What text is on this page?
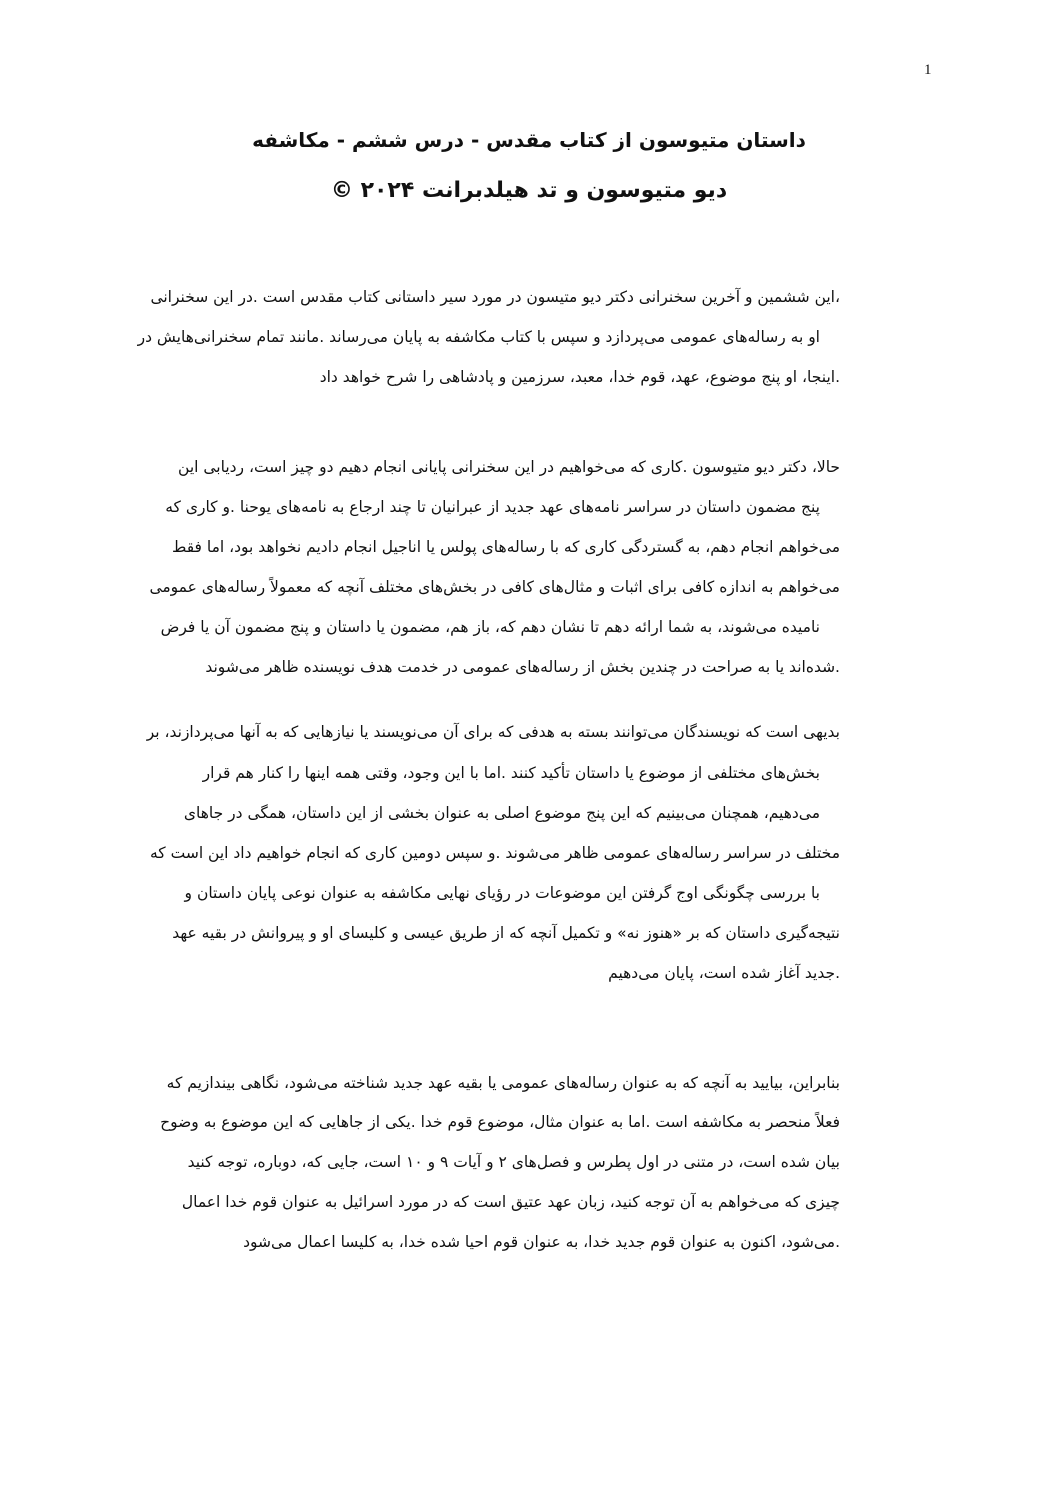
1
داستان متیوسون از کتاب مقدس - درس ششم - مکاشفه
دیو متیوسون و تد هیلدبرانت ۲۰۲۴ ©
،این ششمین و آخرین سخنرانی دکتر دیو متیسون در مورد سیر داستانی کتاب مقدس است .در این سخنرانی
او به رساله‌های عمومی می‌پردازد و سپس با کتاب مکاشفه به پایان می‌رساند .مانند تمام سخنرانی‌هایش در
.اینجا، او پنج موضوع، عهد، قوم خدا، معبد، سرزمین و پادشاهی را شرح خواهد داد
حالا، دکتر دیو متیوسون .کاری که می‌خواهیم در این سخنرانی پایانی انجام دهیم دو چیز است، ردیابی این
پنج مضمون داستان در سراسر نامه‌های عهد جدید از عبرانیان تا چند ارجاع به نامه‌های یوحنا .و کاری که
می‌خواهم انجام دهم، به گستردگی کاری که با رساله‌های پولس یا اناجیل انجام دادیم نخواهد بود، اما فقط
می‌خواهم به اندازه کافی برای اثبات و مثال‌های کافی در بخش‌های مختلف آنچه که معمولاً رساله‌های عمومی
نامیده می‌شوند، به شما ارائه دهم تا نشان دهم که، باز هم، مضمون یا داستان و پنج مضمون آن یا فرض
.شده‌اند یا به صراحت در چندین بخش از رساله‌های عمومی در خدمت هدف نویسنده ظاهر می‌شوند
بدیهی است که نویسندگان می‌توانند بسته به هدفی که برای آن می‌نویسند یا نیازهایی که به آنها می‌پردازند، بر
بخش‌های مختلفی از موضوع یا داستان تأکید کنند .اما با این وجود، وقتی همه اینها را کنار هم قرار
می‌دهیم، همچنان می‌بینیم که این پنج موضوع اصلی به عنوان بخشی از این داستان، همگی در جاهای
مختلف در سراسر رساله‌های عمومی ظاهر می‌شوند .و سپس دومین کاری که انجام خواهیم داد این است که
با بررسی چگونگی اوج گرفتن این موضوعات در رؤیای نهایی مکاشفه به عنوان نوعی پایان داستان و
نتیجه‌گیری داستان که بر «هنوز نه» و تکمیل آنچه که از طریق عیسی و کلیسای او و پیروانش در بقیه عهد
.جدید آغاز شده است، پایان می‌دهیم
بنابراین، بیایید به آنچه که به عنوان رساله‌های عمومی یا بقیه عهد جدید شناخته می‌شود، نگاهی بیندازیم که
فعلاً منحصر به مکاشفه است .اما به عنوان مثال، موضوع قوم خدا .یکی از جاهایی که این موضوع به وضوح
بیان شده است، در متنی در اول پطرس و فصل‌های ۲ و آیات ۹ و ۱۰ است، جایی که، دوباره، توجه کنید
چیزی که می‌خواهم به آن توجه کنید، زبان عهد عتیق است که در مورد اسرائیل به عنوان قوم خدا اعمال
.می‌شود، اکنون به عنوان قوم جدید خدا، به عنوان قوم احیا شده خدا، به کلیسا اعمال می‌شود
